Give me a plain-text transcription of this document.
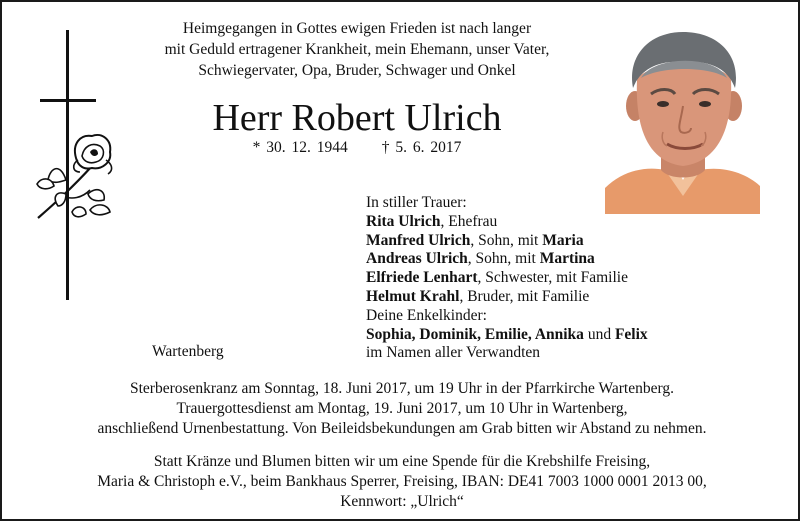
Heimgegangen in Gottes ewigen Frieden ist nach langer
mit Geduld ertragener Krankheit, mein Ehemann, unser Vater,
Schwiegervater, Opa, Bruder, Schwager und Onkel
Herr Robert Ulrich
* 30. 12. 1944 † 5. 6. 2017
In stiller Trauer:
Rita Ulrich, Ehefrau
Manfred Ulrich, Sohn, mit Maria
Andreas Ulrich, Sohn, mit Martina
Elfriede Lenhart, Schwester, mit Familie
Helmut Krahl, Bruder, mit Familie
Deine Enkelkinder:
Sophia, Dominik, Emilie, Annika und Felix
im Namen aller Verwandten
Wartenberg
Sterberosenkranz am Sonntag, 18. Juni 2017, um 19 Uhr in der Pfarrkirche Wartenberg.
Trauergottesdienst am Montag, 19. Juni 2017, um 10 Uhr in Wartenberg,
anschließend Urnenbestattung. Von Beileidsbekundungen am Grab bitten wir Abstand zu nehmen.
Statt Kränze und Blumen bitten wir um eine Spende für die Krebshilfe Freising,
Maria & Christoph e.V., beim Bankhaus Sperrer, Freising, IBAN: DE41 7003 1000 0001 2013 00,
Kennwort: „Ulrich“
